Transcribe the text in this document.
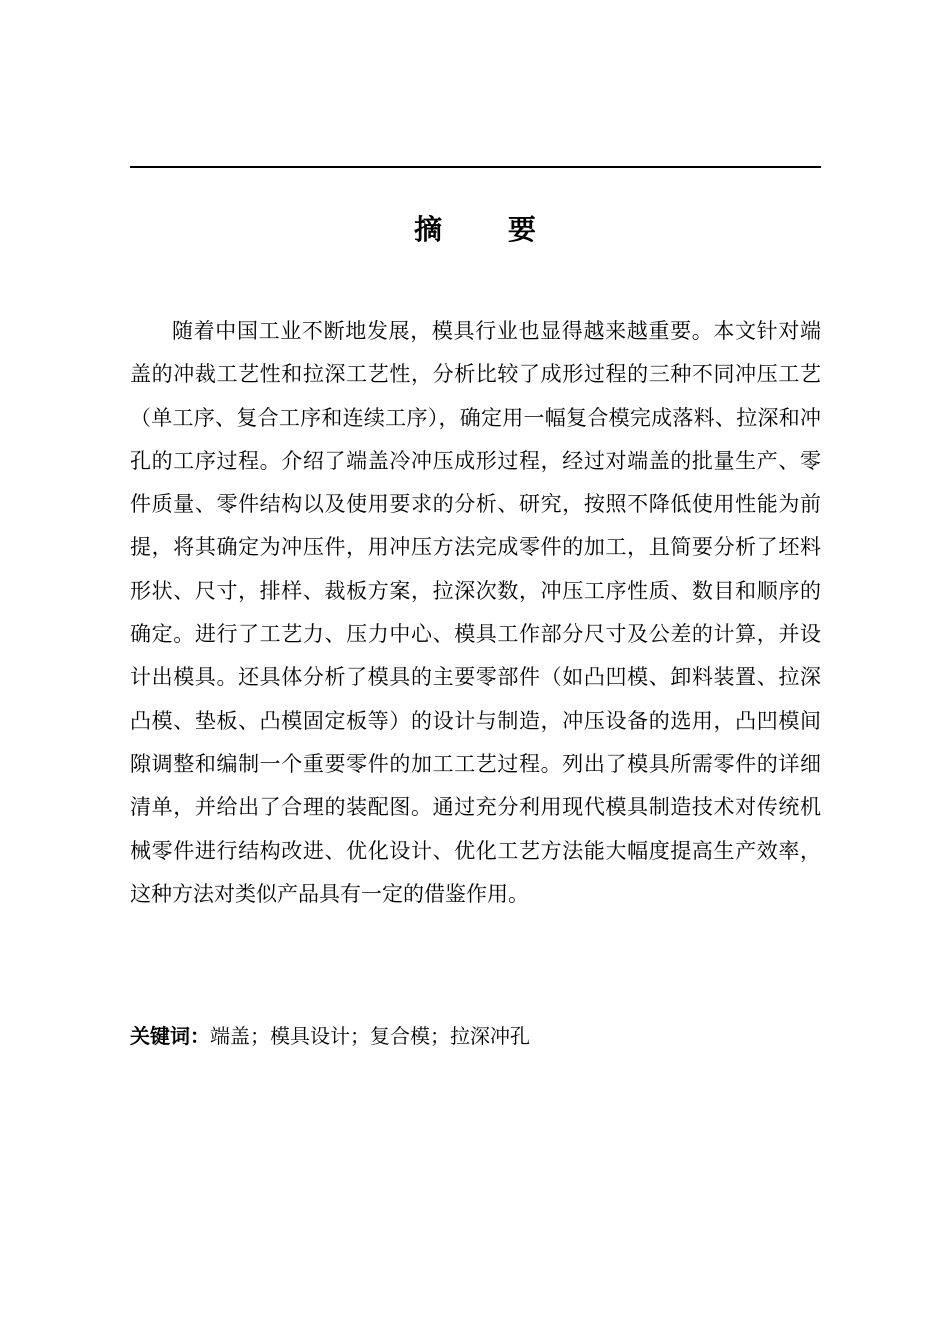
摘 要

随着中国工业不断地发展，模具行业也显得越来越重要。本文针对端盖的冲裁工艺性和拉深工艺性，分析比较了成形过程的三种不同冲压工艺（单工序、复合工序和连续工序），确定用一幅复合模完成落料、拉深和冲孔的工序过程。介绍了端盖冷冲压成形过程，经过对端盖的批量生产、零件质量、零件结构以及使用要求的分析、研究，按照不降低使用性能为前提，将其确定为冲压件，用冲压方法完成零件的加工，且简要分析了坯料形状、尺寸，排样、裁板方案，拉深次数，冲压工序性质、数目和顺序的确定。进行了工艺力、压力中心、模具工作部分尺寸及公差的计算，并设计出模具。还具体分析了模具的主要零部件（如凸凹模、卸料装置、拉深凸模、垫板、凸模固定板等）的设计与制造，冲压设备的选用，凸凹模间隙调整和编制一个重要零件的加工工艺过程。列出了模具所需零件的详细清单，并给出了合理的装配图。通过充分利用现代模具制造技术对传统机械零件进行结构改进、优化设计、优化工艺方法能大幅度提高生产效率，这种方法对类似产品具有一定的借鉴作用。

关键词：端盖；模具设计；复合模；拉深冲孔
